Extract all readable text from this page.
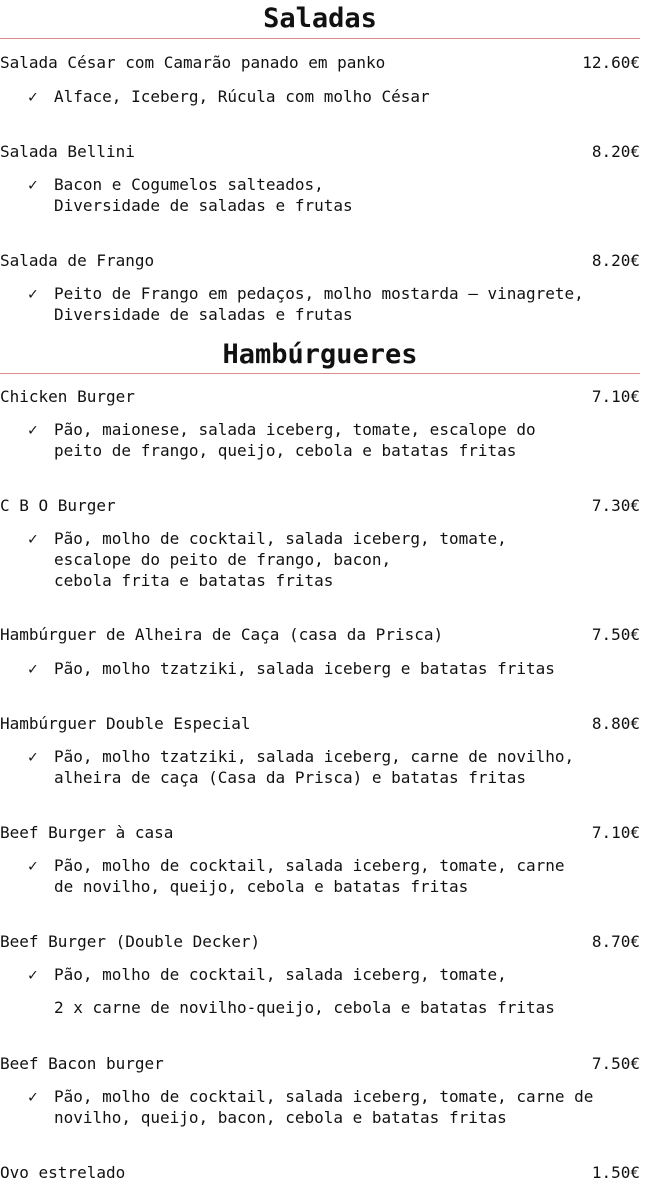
Saladas
Salada César com Camarão panado em panko	12.60€
✓ Alface, Iceberg, Rúcula com molho César
Salada Bellini	8.20€
✓ Bacon e Cogumelos salteados,
Diversidade de saladas e frutas
Salada de Frango	8.20€
✓ Peito de Frango em pedaços, molho mostarda – vinagrete,
Diversidade de saladas e frutas
Hambúrgueres
Chicken Burger	7.10€
✓ Pão, maionese, salada iceberg, tomate, escalope do
peito de frango, queijo, cebola e batatas fritas
C B O Burger	7.30€
✓ Pão, molho de cocktail, salada iceberg, tomate,
escalope do peito de frango, bacon,
cebola frita e batatas fritas
Hambúrguer de Alheira de Caça (casa da Prisca)	7.50€
✓ Pão, molho tzatziki, salada iceberg e batatas fritas
Hambúrguer Double Especial	8.80€
✓ Pão, molho tzatziki, salada iceberg, carne de novilho,
alheira de caça (Casa da Prisca) e batatas fritas
Beef Burger à casa	7.10€
✓ Pão, molho de cocktail, salada iceberg, tomate, carne
de novilho, queijo, cebola e batatas fritas
Beef Burger (Double Decker)	8.70€
✓ Pão, molho de cocktail, salada iceberg, tomate,
2 x carne de novilho-queijo, cebola e batatas fritas
Beef Bacon burger	7.50€
✓ Pão, molho de cocktail, salada iceberg, tomate, carne de
novilho, queijo, bacon, cebola e batatas fritas
Ovo estrelado	1.50€
